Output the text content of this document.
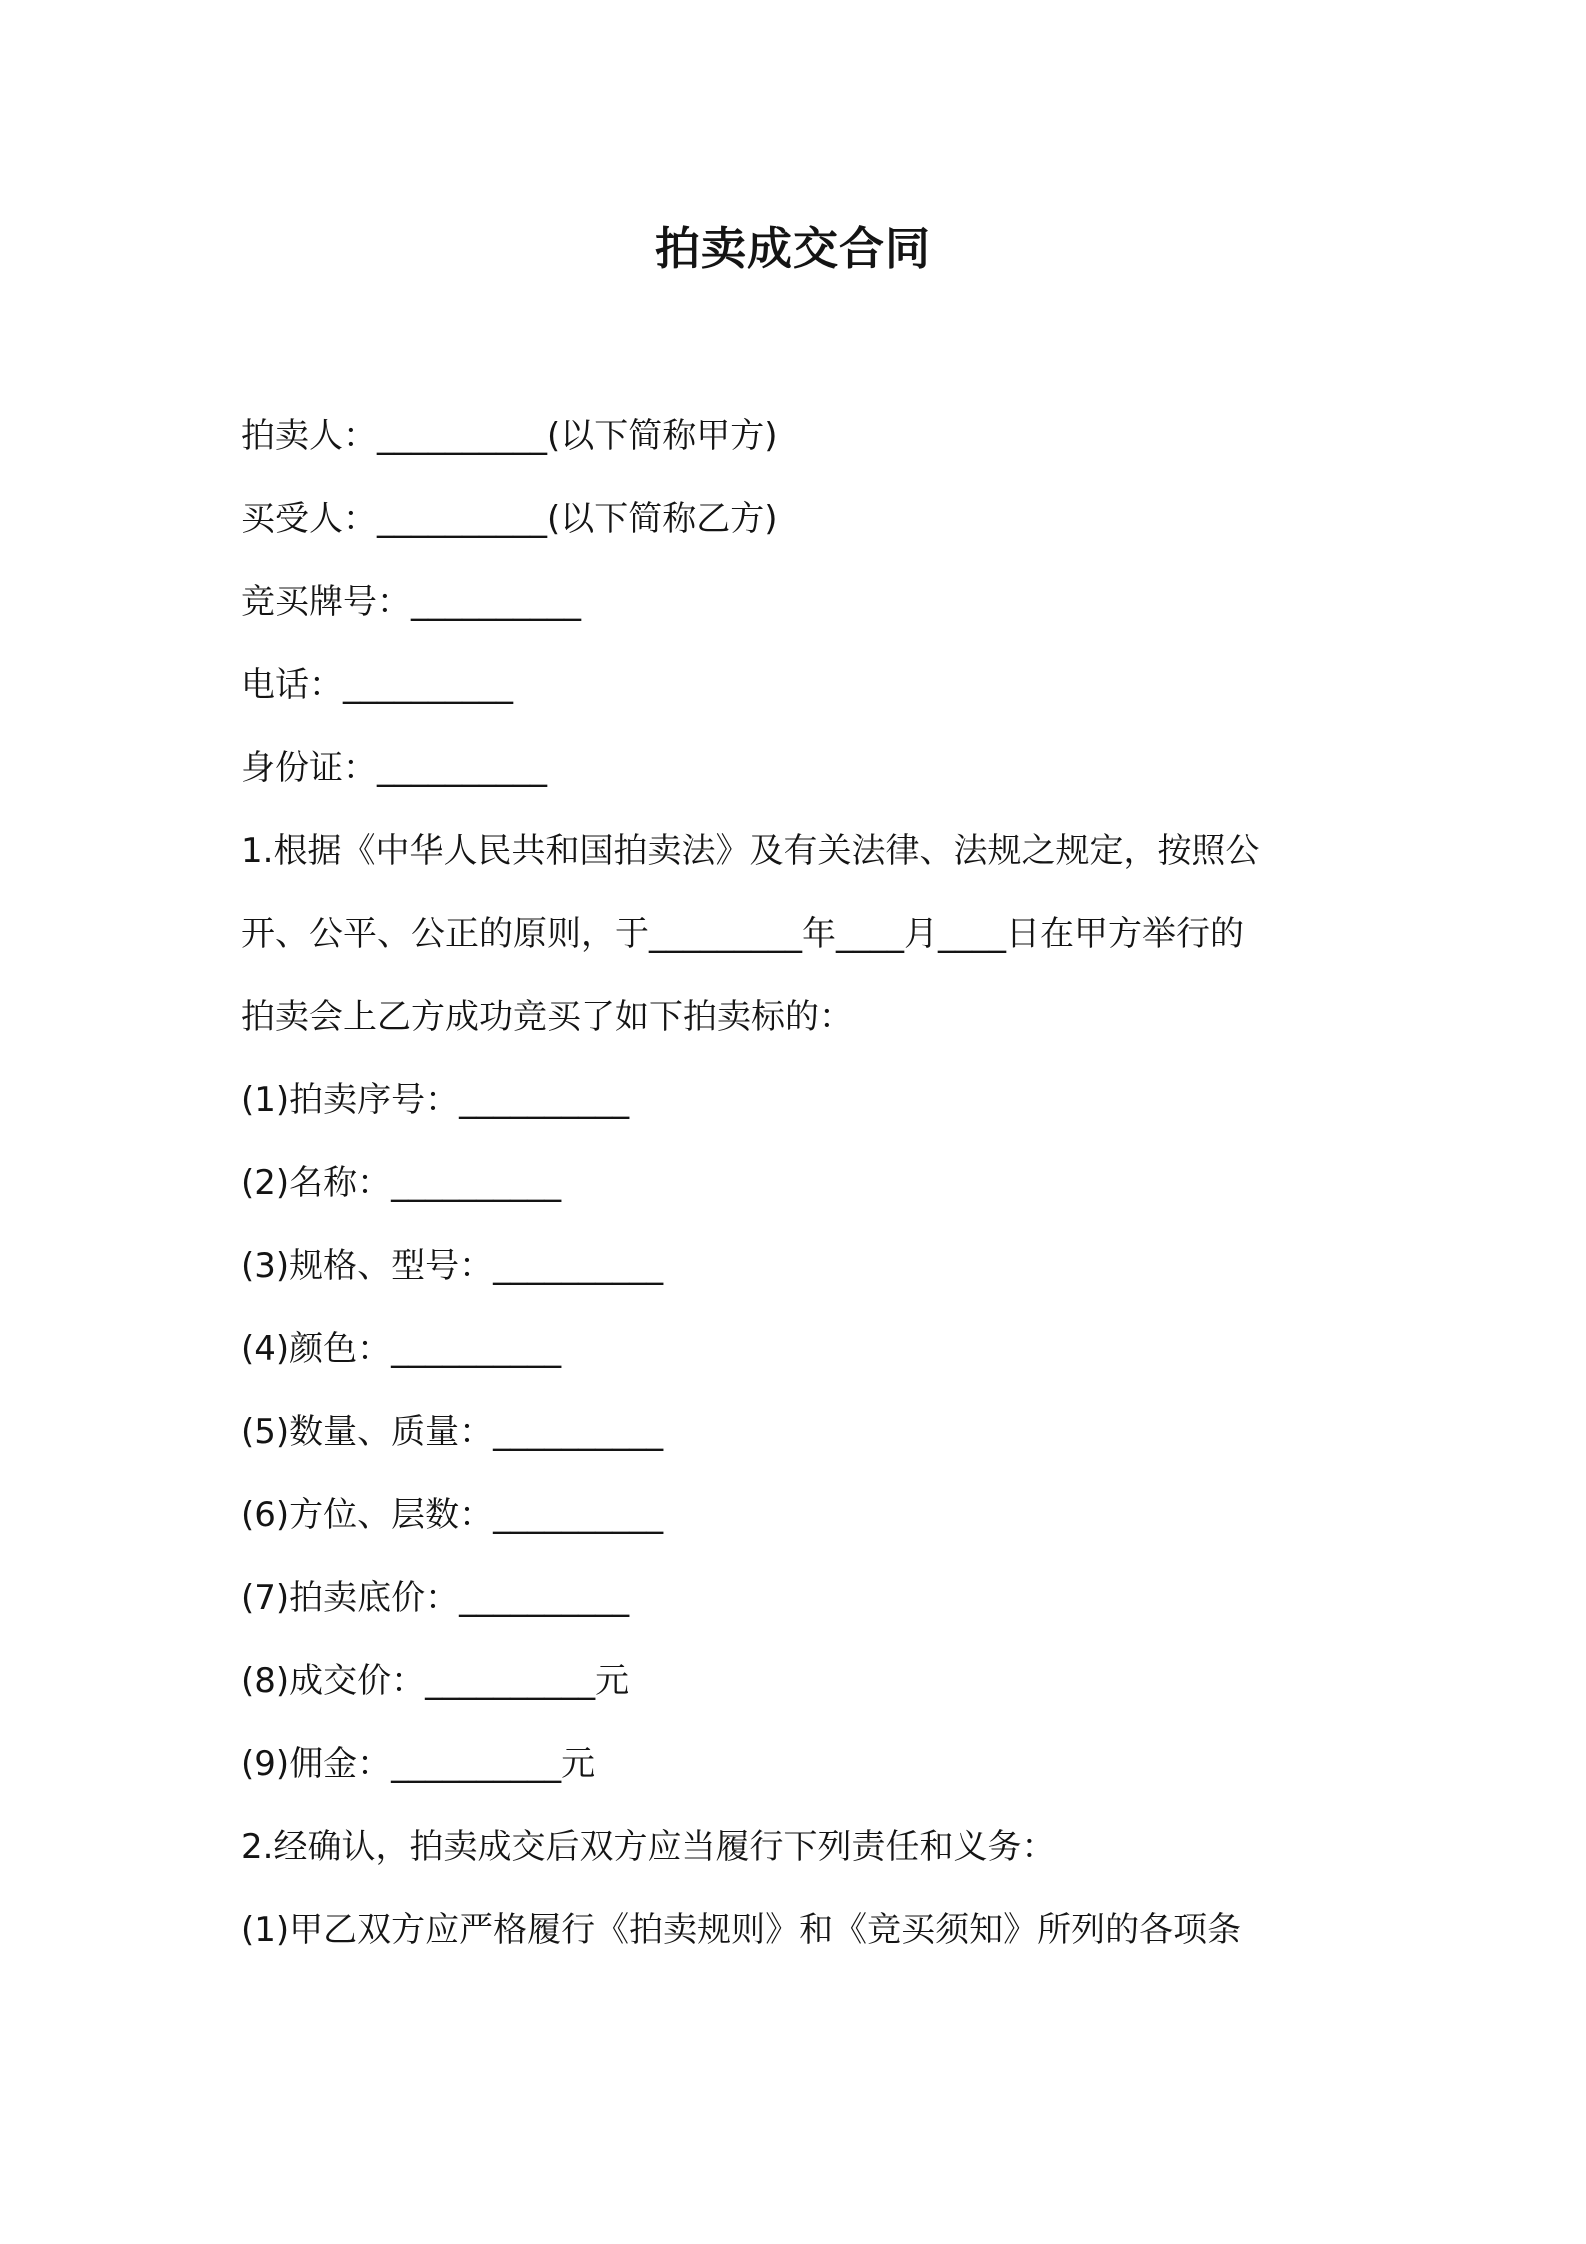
拍卖成交合同
拍卖人：__________(以下简称甲方)
买受人：__________(以下简称乙方)
竞买牌号：__________
电话：__________
身份证：__________
1.根据《中华人民共和国拍卖法》及有关法律、法规之规定，按照公
开、公平、公正的原则，于_________年____月____日在甲方举行的
拍卖会上乙方成功竞买了如下拍卖标的：
(1)拍卖序号：__________
(2)名称：__________
(3)规格、型号：__________
(4)颜色：__________
(5)数量、质量：__________
(6)方位、层数：__________
(7)拍卖底价：__________
(8)成交价：__________元
(9)佣金：__________元
2.经确认，拍卖成交后双方应当履行下列责任和义务：
(1)甲乙双方应严格履行《拍卖规则》和《竞买须知》所列的各项条
